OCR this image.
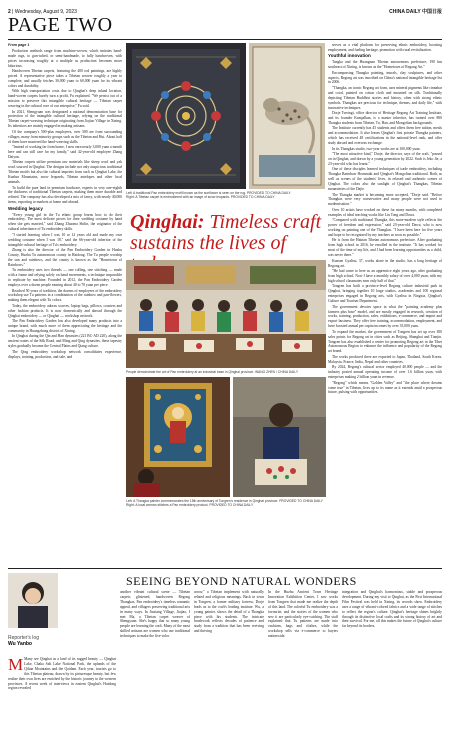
2 | Wednesday, August 9, 2023	CHINA DAILY 中国日报
PAGE TWO
From page 1

Production methods range from machine-woven, which imitates hand-made rugs, to gun-tufted, or semi-handmade, to fully handwoven, with prices increasing roughly at a multiple as production becomes more laborious.

Handwoven Tibetan carpets, featuring the 400 rod paintings, are highly priced. A representative piece takes a Tibetan weaver roughly a year to complete, and usually fetches 30,000 yuan to 60,000 yuan for its vibrant colors and durability.

With high transportation costs due to Qinghai's deep inland location, hand-woven carpets barely turn a profit, Fu explained. "We persist out of a mission to preserve this intangible cultural heritage — Tibetan carpet weaving in the cultural core of our enterprise," Fu said.

In 2021, Shengyuan was designated a national demonstration base for protection of the intangible cultural heritage, relying on the traditional Tibetan carpet-weaving technique originating from Jiajiao Village in Xining. Its inheritors are mainly engaged in making artisans.

Of the company's 500-plus employees, over 300 are from surrounding villages, many from minority groups such as the Tibetan and Hui. About half of them have mastered the hand-weaving skills.

"Instead of working far from home, I now earn nearly 3,000 yuan a month here and can still care for my family," said 42-year-old employee Zhang Daiyan.

Tibetan carpets utilize premium raw materials like sheep wool and yak wool sourced in Qinghai. The designs include not only auspicious traditional Tibetan motifs but also the cultural imprints from such as Qinghai Lake, the Kunlun Mountains, snow leopards, Tibetan antelopes and other local animals.

To build the pure land in premium hardware, experts in very one-eighth the thickness of traditional Tibetan carpets, making them more durable and refined. The company has also developed a mix of fancy, with nearly 40,000 items, exporting to markets at home and abroad.

Wedding legacy

"Every young girl in the Tu ethnic group learns how to do their embroidery. The most delicate pieces for their wedding costume by hand when she gets married," said Zhang Zhuoma Shilin, the originator of the cultural inheritance of Tu embroidery skills.

"I started learning when I was 10 or 12 years old and made my own wedding costume when I was 18," said the 66-year-old inheritor of the intangible cultural heritage of Tu's embroidery.

Zhang is also the director of the Pan Embroidery Garden in Huzhu County, Huzhu Tu autonomous county in Haidong. The Tu people worship the sun and rainbows, and the county is known as the "Hometown of Rainbows."

Tu embroidery uses two threads — one rolling, one stitching — made with a frame and relying solely on hand movements, a technique impossible to replicate by machine. Founded in 2012, the Pan Embroidery Garden employs over a dozen people earning about 40 to 70 yuan per piece.

Reached 50 years of tradition, the dozens of employees of the embroidery workshop use Tu patterns in a combination of the rainbow and pan-flowers, making them elegant with Tu colors.

Today, the embroidery adorns scarves, laptop bags, pillows, coasters and other fashion products. It is now domestically and abroad through the Qinghai embroidery — or Qinghai — workshop network.

The Pan Embroidery Garden has also developed many products into a unique brand, with much more of them appreciating the heritage and the community in Huangzhong district of Xining.

In Qinghai during the Qin and Han dynasties (221 BC-AD 220), along the ancient routes of the Silk Road, and Ming and Qing dynasties, these tapestry styles gradually became the Central Plains and Qiang culture.

The Qing embroidery workshop network consolidates experience, displays, training, production, and sale, and

serves as a vital platform for preserving ethnic embroidery, boosting employment, and fueling heritage, promotion with rural revitalization.

Youthful innovation

Tangka and the Huangnan Tibetan autonomous prefecture, 190 km southeast of Xining, is known as the "Hometown of Regong Art."

Encompassing Thangka painting, murals, clay sculptures, and other aspects, Regong art was inscribed on China's national intangible heritage list in 2006.

"Thangka, an iconic Regong art form, uses mineral pigments like cinnabar and coral, painted on cotton cloth and mounted on silk. Traditionally depicting Tibetan Buddhist stories and history, often with strong ethnic symbols. Thangkas are precious for technique, themes, and daily life," with innovative techniques.

Dorje Tseringi, office director of Heritage Regong Art Training Institute, and its founder Kamjalkan, is a master inheritor, has trained over 800 Thangka students from Tibetan, Tu, Han, and Mongolian backgrounds.

The Institute currently has 45 students and offers them free tuition, meals and accommodation. It also leases Qinghai's first private Thangka painters, which has received 48 certifications in the national-level rank, and offer study abroad and overseas exchange.

In its Thangkas studio, two-year works are at 100,000 yuan.

"The most attractive kind," Dorje, the director, says of the craft, "passed on in Qinghai, and drawn by a young generation by 2022. Such is Jeko Jie, a 23-year-old who has learnt."

One of these disciples learned techniques of trade embroidery, including Thangka Bamdwar Hornmaki and Qinghai's Mongolian traditional. Both, as well as scenes of the students' lives, in relaxed and authentic scenes of Qinghai. The colors also the sunlight of Qinghai's Thangkas, Tibetan monasteries of the Dajie.

The Thangka market is becoming more accepted, "Dorje said. "Before Thangkas were very conservative and many people were not used to modernisation."

Over 10 artists have worked on these for many months, with completed examples of ideal teaching works like Liu Tong and Dawa.

"Compared with traditional Thangka, this more-modern style reflects the power of freedom and expression," said 23-year-old Dawa, who is now working on painting one of the Thangkas. "I have been here for five years and hope to be recognized by my teachers as soon as possible."

He is from the Hainan Tibetan autonomous prefecture. After graduating from high school in 2016, he enrolled in the institute. "It has worked for most of the time of my life, and I had been learning opportunities as a child, was never there."

Kunsen Gyaltsu, 37, works alone in the studio, has a long heritage of Regong art.

"He had come to here as an apprentice eight years ago, after graduating from high school. Now I have a monthly salary of over 4,000 yuan, with my high school classmates earn only half of that."

Tongren has built a province-level Regong culture industrial park in Qinghai, bringing together 10 large studios, academies and 100 regional enterprises engaged in Regong arts, with Gyaltsu in Ningxia, Qinghai's Culture and Tourism Department.

The government devotes space in what the "painting academy plus farmers plus base" model, and are mostly engaged in research, creation of works, training, production, sales, exhibitions, e-commerce, and import and export business. They offer free training, accommodation, employment, and have boosted annual per capita incomes by over 35,000 yuan.

To expand the market, the government of Tongren has set up over 300 sales points for Regong art in cities such as Beijing, Shanghai and Tianjin. Tongren has also established a center for promoting Regong art in the Tibet Autonomous Region to enhance the influence and popularity of the Regong art brand.

The works produced there are exported to Japan, Thailand, South Korea, Malaysia, France, India, Nepal and other countries.

By 2024, Regong's cultural sector employed 40,000 people — and the industry posted annual operating income of over 1.6 billion yuan, with enterprises making 2 billion yuan in revenue.

"Regong" which means "Golden Valley" and "the place where dreams come true" in Tibetan, lives up to its name as it extends amid a prosperous future, pulsing with opportunities.

Left: A traditional Pan embroidery motif known as the sunflower is seen on the rug. PROVIDED TO CHINA DAILY
Right: A Tibetan carpet is embroidered with an image of snow leopards. PROVIDED TO CHINA DAILY
Qinghai: Timeless craft sustains the lives of
People demonstrate the art of Pan embroidery at an industrial base in Qinghai province. WANG ZHEN / CHINA DAILY
Left: A Thangka painter commemorates the 15th anniversary of Tongren's residence in Qinghai province. PROVIDED TO CHINA DAILY Right: A local woman stitches a Pan embroidery product. PROVIDED TO CHINA DAILY
Reporter's log
Wu Yanbo
SEEING BEYOND NATURAL WONDERS
M Many see Qinghai as a land of its rugged beauty — Qinghai Lake, Chaka Salt Lake National Park, the uplands of the Qilian Mountains and the Qaidam. Each year, tourists go to this Tibetan plateau, drawn by its picturesque beauty, but few realize their own lives are enriched by the historic journey to the western provinces. A recent week of interviews in eastern Qinghai's Haidong region revealed
another vibrant cultural scene — Tibetan carpets glistened, handwoven Regong Thangkas, Pan embroidery's timeless romantic appeal, and villagers preserving traditional arts in many ways. In Jiaxiang Village, Jiajiao, I met Ma, a Tibetan carpet weaver of Shengyuan. She's happy that so many young people are learning the craft. Many of the most skilled artisans are women who use traditional techniques to make the five-color
arrow," a Tibetan implement with naturally related and religious meanings. Back in town in Tongren, a former military fortress, Dorje leads us to the craft's leading institute. Wu, a young painter, shows the detail of a Thangka piece with his students. The intricate brushwork reflects decades of patience and study from a tradition that has been reviving and thriving
In the Huzhu Ancient Town Heritage Innovation Exhibition Center, I saw works from Tongren that made me realize the depth of this land. The colorful Tu embroidery was a favourite, and the stories of the women who sew it are particularly eye-catching. The staff explained that Tu patterns are made into cushions, bags and clothes, while the workshop sells via e-commerce to buyers nationwide.
integration and Qinghai's harmonious, stable and prosperous development. During my visit to Qinghai, as the First International Film Festival was held in Xining, its records show. Embroidery uses a range of vibrant-colored fabrics and a wide range of stitches to reflect the region's culture. Qinghai's heritage shines brightly through its distinctive local crafts and its strong history of art and their survival. For me, all this makes the future of Qinghai's culture far beyond its borders.
